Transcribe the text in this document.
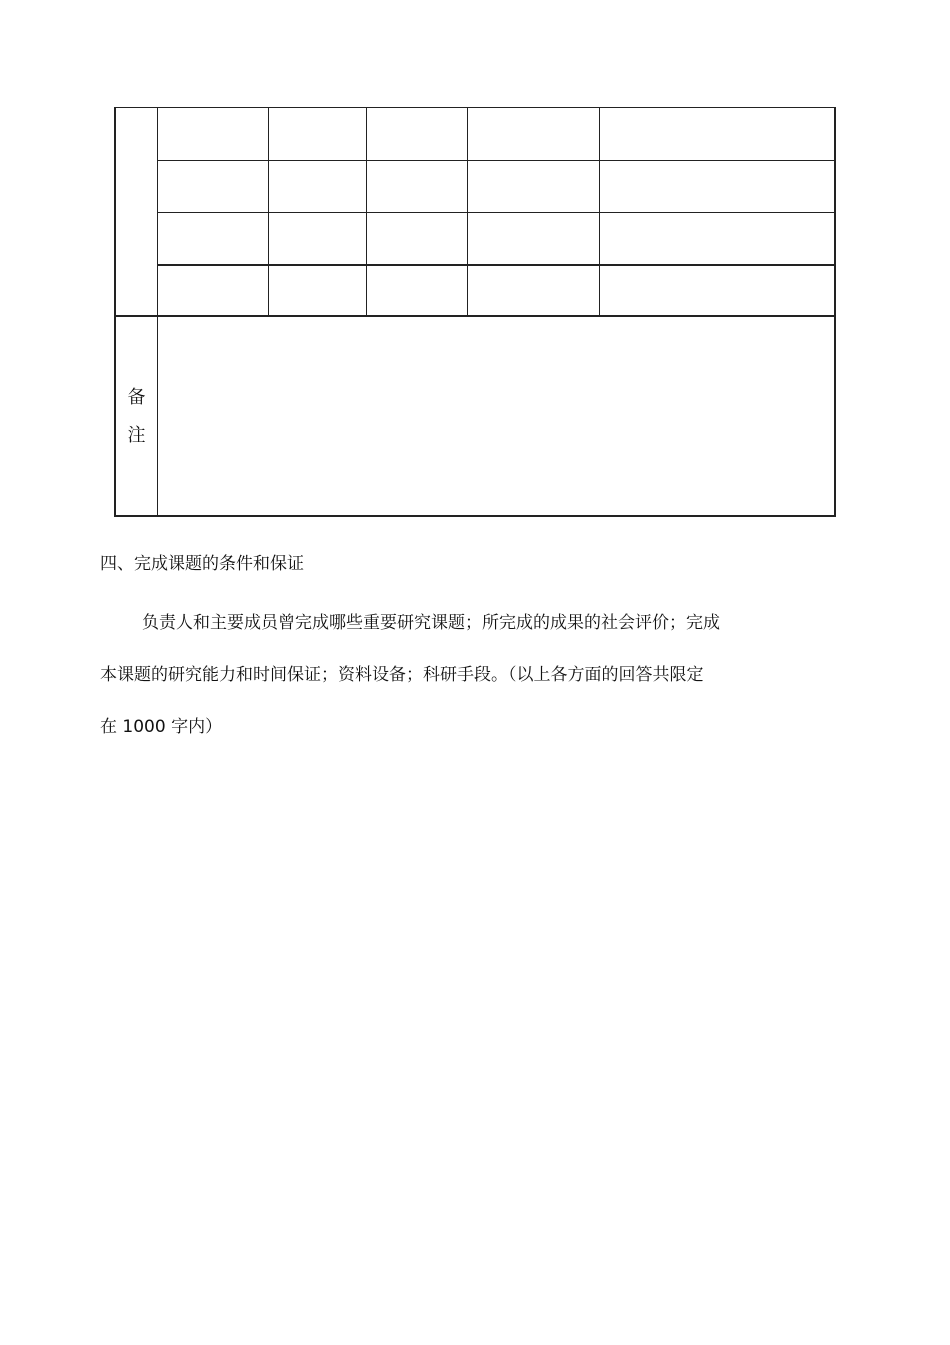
备
注
四、完成课题的条件和保证
负责人和主要成员曾完成哪些重要研究课题；所完成的成果的社会评价；完成
本课题的研究能力和时间保证；资料设备；科研手段。（以上各方面的回答共限定
在 1000 字内）
